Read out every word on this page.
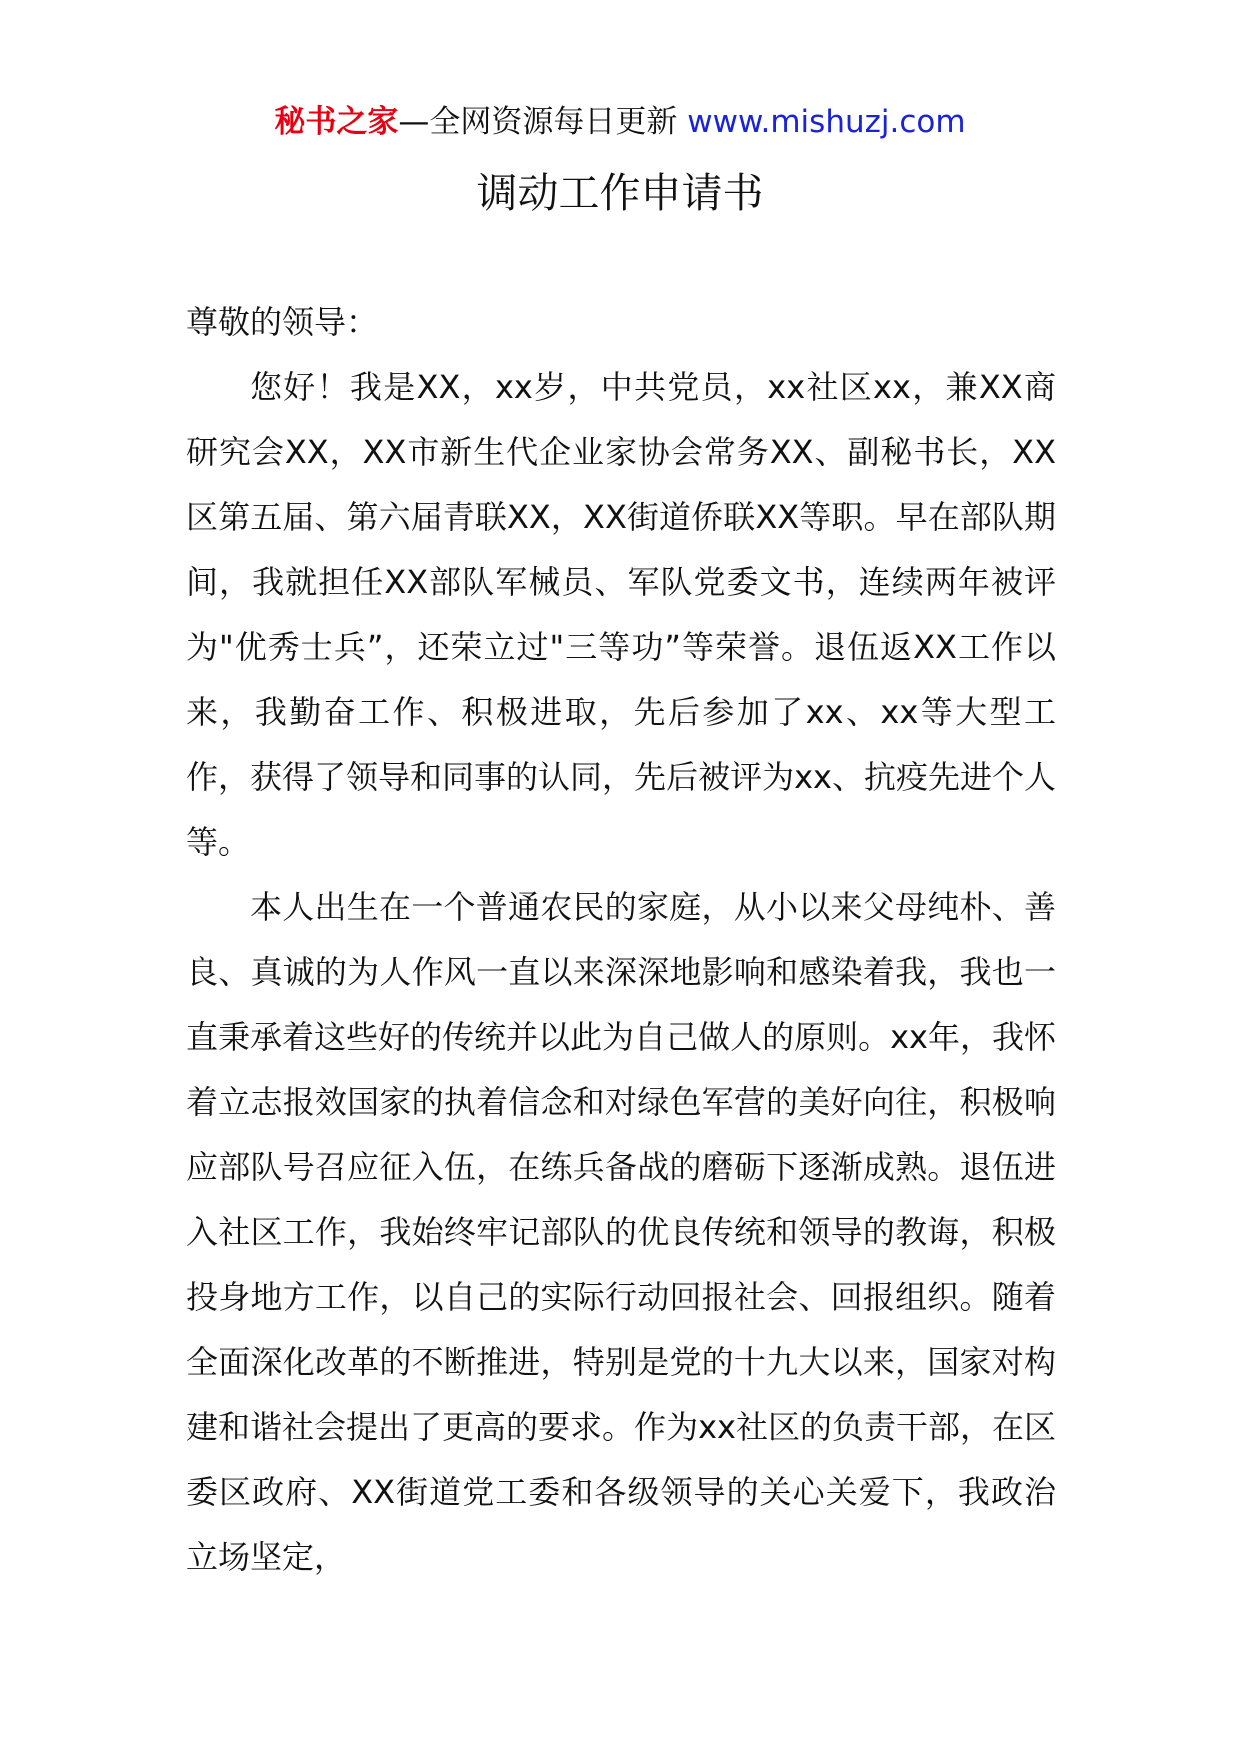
秘书之家—全网资源每日更新 www.mishuzj.com
调动工作申请书

尊敬的领导：

您好！我是XX，xx岁，中共党员，xx社区xx，兼XX商研究会XX，XX市新生代企业家协会常务XX、副秘书长，XX区第五届、第六届青联XX，XX街道侨联XX等职。早在部队期间，我就担任XX部队军械员、军队党委文书，连续两年被评为"优秀士兵”，还荣立过"三等功”等荣誉。退伍返XX工作以来，我勤奋工作、积极进取，先后参加了xx、xx等大型工作，获得了领导和同事的认同，先后被评为xx、抗疫先进个人等。

本人出生在一个普通农民的家庭，从小以来父母纯朴、善良、真诚的为人作风一直以来深深地影响和感染着我，我也一直秉承着这些好的传统并以此为自己做人的原则。xx年，我怀着立志报效国家的执着信念和对绿色军营的美好向往，积极响应部队号召应征入伍，在练兵备战的磨砺下逐渐成熟。退伍进入社区工作，我始终牢记部队的优良传统和领导的教诲，积极投身地方工作，以自己的实际行动回报社会、回报组织。随着全面深化改革的不断推进，特别是党的十九大以来，国家对构建和谐社会提出了更高的要求。作为xx社区的负责干部，在区委区政府、XX街道党工委和各级领导的关心关爱下，我政治立场坚定，
